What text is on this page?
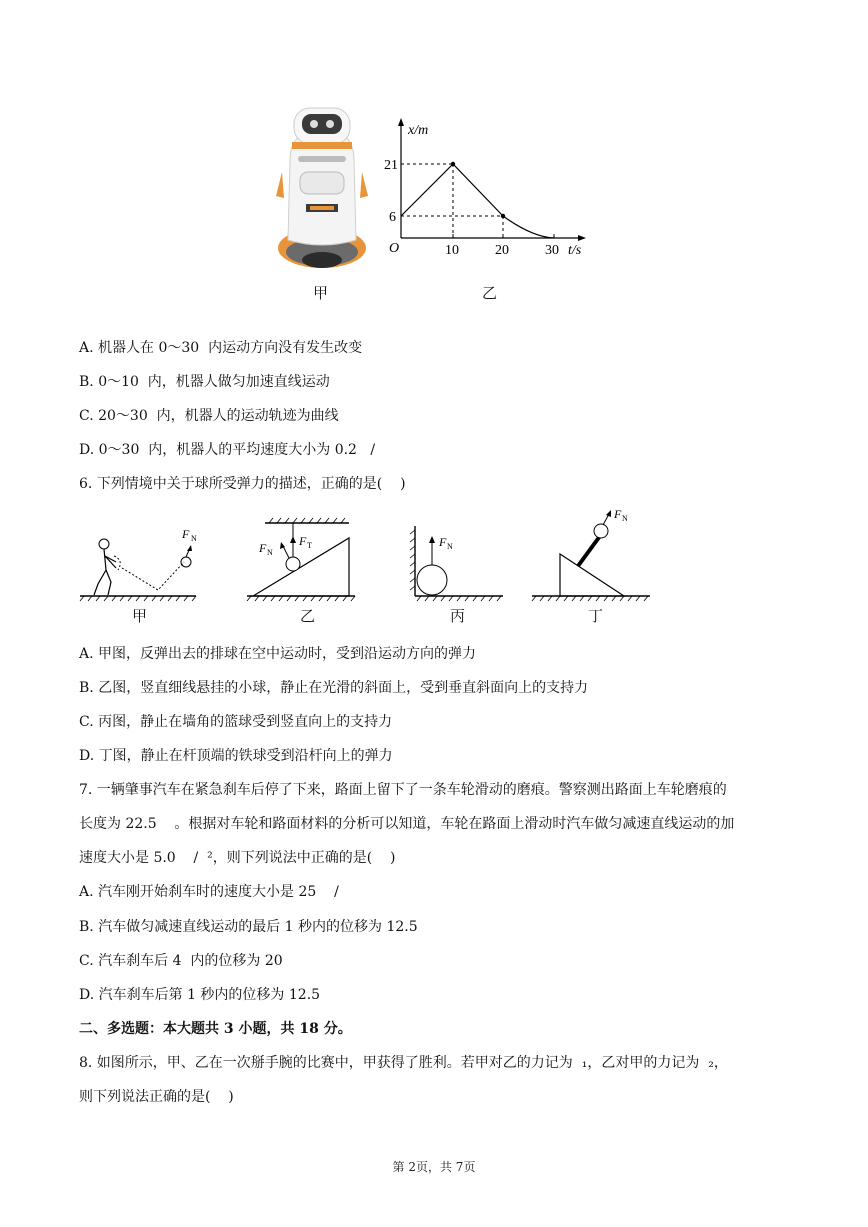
x/m
21
6
O	10	20	30 t/s
甲	乙
A. 机器人在 0～30  内运动方向没有发生改变
B. 0～10  内，机器人做匀加速直线运动
C. 20～30  内，机器人的运动轨迹为曲线
D. 0～30  内，机器人的平均速度大小为 0.2   /
6. 下列情境中关于球所受弹力的描述，正确的是(    )
F N
甲
F T
F N
乙
F N
丙
F N
丁
A. 甲图，反弹出去的排球在空中运动时，受到沿运动方向的弹力
B. 乙图，竖直细线悬挂的小球，静止在光滑的斜面上，受到垂直斜面向上的支持力
C. 丙图，静止在墙角的篮球受到竖直向上的支持力
D. 丁图，静止在杆顶端的铁球受到沿杆向上的弹力
7. 一辆肇事汽车在紧急刹车后停了下来，路面上留下了一条车轮滑动的磨痕。警察测出路面上车轮磨痕的
长度为 22.5    。根据对车轮和路面材料的分析可以知道，车轮在路面上滑动时汽车做匀减速直线运动的加
速度大小是 5.0    /  ²，则下列说法中正确的是(    )
A. 汽车刚开始刹车时的速度大小是 25    /
B. 汽车做匀减速直线运动的最后 1 秒内的位移为 12.5
C. 汽车刹车后 4  内的位移为 20
D. 汽车刹车后第 1 秒内的位移为 12.5
二、多选题：本大题共 3 小题，共 18 分。
8. 如图所示，甲、乙在一次掰手腕的比赛中，甲获得了胜利。若甲对乙的力记为  ₁，乙对甲的力记为  ₂，
则下列说法正确的是(    )
第 2页，共 7页
